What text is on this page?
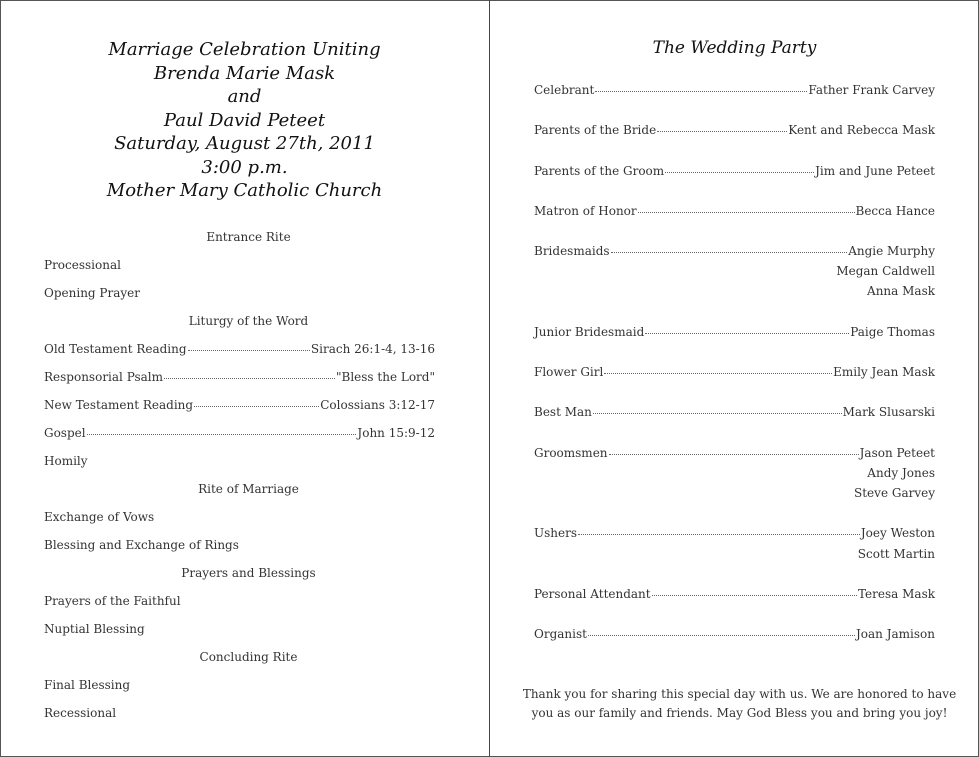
Marriage Celebration Uniting
Brenda Marie Mask
and
Paul David Peteet
Saturday, August 27th, 2011
3:00 p.m.
Mother Mary Catholic Church
Entrance Rite
Processional
Opening Prayer
Liturgy of the Word
Old Testament Reading	Sirach 26:1-4, 13-16
Responsorial Psalm	"Bless the Lord"
New Testament Reading	Colossians 3:12-17
Gospel	John 15:9-12
Homily
Rite of Marriage
Exchange of Vows
Blessing and Exchange of Rings
Prayers and Blessings
Prayers of the Faithful
Nuptial Blessing
Concluding Rite
Final Blessing
Recessional
The Wedding Party
Celebrant	Father Frank Carvey
Parents of the Bride	Kent and Rebecca Mask
Parents of the Groom	Jim and June Peteet
Matron of Honor	Becca Hance
Bridesmaids	Angie Murphy
Megan Caldwell
Anna Mask
Junior Bridesmaid	Paige Thomas
Flower Girl	Emily Jean Mask
Best Man	Mark Slusarski
Groomsmen	Jason Peteet
Andy Jones
Steve Garvey
Ushers	Joey Weston
Scott Martin
Personal Attendant	Teresa Mask
Organist	Joan Jamison
Thank you for sharing this special day with us. We are honored to have
you as our family and friends. May God Bless you and bring you joy!
